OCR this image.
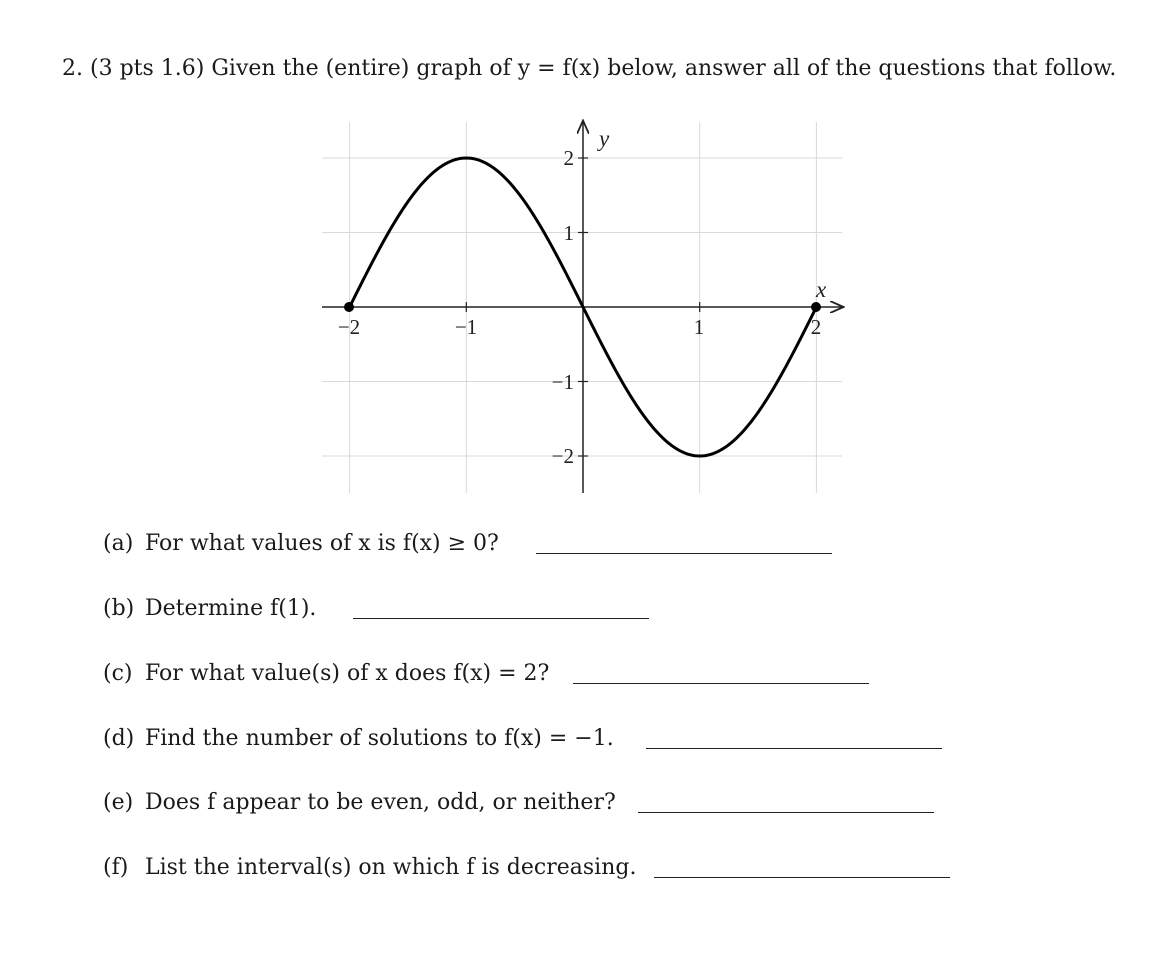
2. (3 pts 1.6) Given the (entire) graph of y = f(x) below, answer all of the questions that follow.
−2	−1	1	2
2
1
−1
−2
y
x
(a) For what values of x is f(x) ≥ 0?
(b) Determine f(1).
(c) For what value(s) of x does f(x) = 2?
(d) Find the number of solutions to f(x) = −1.
(e) Does f appear to be even, odd, or neither?
(f) List the interval(s) on which f is decreasing.
